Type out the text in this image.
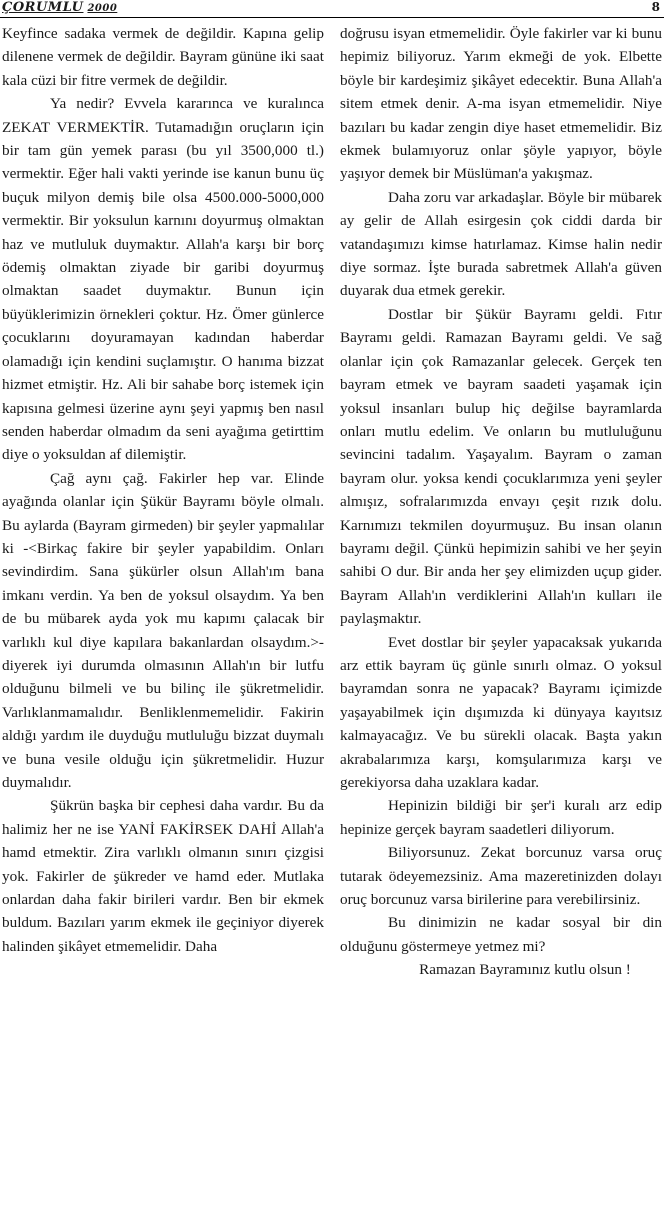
ÇORUMLU 2000	8

Keyfince sadaka vermek de değildir. Kapına gelip dilenene vermek de değildir. Bayram gününe iki saat kala cüzi bir fitre vermek de değildir.

Ya nedir? Evvela kararınca ve kuralınca ZEKAT VERMEKTİR. Tutamadığın oruçların için bir tam gün yemek parası (bu yıl 3500,000 tl.) vermektir. Eğer hali vakti yerinde ise kanun bunu üç buçuk milyon demiş bile olsa 4500.000-5000,000 vermektir. Bir yoksulun karnını doyurmuş olmaktan haz ve mutluluk duymaktır. Allah'a karşı bir borç ödemiş olmaktan ziyade bir garibi doyurmuş olmaktan saadet duymaktır. Bunun için büyüklerimizin örnekleri çoktur. Hz. Ömer günlerce çocuklarını doyuramayan kadından haberdar olamadığı için kendini suçlamıştır. O hanıma bizzat hizmet etmiştir. Hz. Ali bir sahabe borç istemek için kapısına gelmesi üzerine aynı şeyi yapmış ben nasıl senden haberdar olmadım da seni ayağıma getirttim diye o yoksuldan af dilemiştir.

Çağ aynı çağ. Fakirler hep var. Elinde ayağında olanlar için Şükür Bayramı böyle olmalı. Bu aylarda (Bayram girmeden) bir şeyler yapmalılar ki -<Birkaç fakire bir şeyler yapabildim. Onları sevindirdim. Sana şükürler olsun Allah'ım bana imkanı verdin. Ya ben de yoksul olsaydım. Ya ben de bu mübarek ayda yok mu kapımı çalacak bir varlıklı kul diye kapılara bakanlardan olsaydım.>- diyerek iyi durumda olmasının Allah'ın bir lutfu olduğunu bilmeli ve bu bilinç ile şükretmelidir. Varlıklanmamalıdır. Benliklenmemelidir. Fakirin aldığı yardım ile duyduğu mutluluğu bizzat duymalı ve buna vesile olduğu için şükretmelidir. Huzur duymalıdır.

Şükrün başka bir cephesi daha vardır. Bu da halimiz her ne ise YANİ FAKİRSEK DAHİ Allah'a hamd etmektir. Zira varlıklı olmanın sınırı çizgisi yok. Fakirler de şükreder ve hamd eder. Mutlaka onlardan daha fakir birileri vardır. Ben bir ekmek buldum. Bazıları yarım ekmek ile geçiniyor diyerek halinden şikâyet etmemelidir. Daha

doğrusu isyan etmemelidir. Öyle fakirler var ki bunu hepimiz biliyoruz. Yarım ekmeği de yok. Elbette böyle bir kardeşimiz şikâyet edecektir. Buna Allah'a sitem etmek denir. A-ma isyan etmemelidir. Niye bazıları bu kadar zengin diye haset etmemelidir. Biz ekmek bulamıyoruz onlar şöyle yapıyor, böyle yaşıyor demek bir Müslüman'a yakışmaz.

Daha zoru var arkadaşlar. Böyle bir mübarek ay gelir de Allah esirgesin çok ciddi darda bir vatandaşımızı kimse hatırlamaz. Kimse halin nedir diye sormaz. İşte burada sabretmek Allah'a güven duyarak dua etmek gerekir.

Dostlar bir Şükür Bayramı geldi. Fıtır Bayramı geldi. Ramazan Bayramı geldi. Ve sağ olanlar için çok Ramazanlar gelecek. Gerçek ten bayram etmek ve bayram saadeti yaşamak için yoksul insanları bulup hiç değilse bayramlarda onları mutlu edelim. Ve onların bu mutluluğunu sevincini tadalım. Yaşayalım. Bayram o zaman bayram olur. yoksa kendi çocuklarımıza yeni şeyler almışız, sofralarımızda envayı çeşit rızık dolu. Karnımızı tekmilen doyurmuşuz. Bu insan olanın bayramı değil. Çünkü hepimizin sahibi ve her şeyin sahibi O dur. Bir anda her şey elimizden uçup gider. Bayram Allah'ın verdiklerini Allah'ın kulları ile paylaşmaktır.

Evet dostlar bir şeyler yapacaksak yukarıda arz ettik bayram üç günle sınırlı olmaz. O yoksul bayramdan sonra ne yapacak? Bayramı içimizde yaşayabilmek için dışımızda ki dünyaya kayıtsız kalmayacağız. Ve bu sürekli olacak. Başta yakın akrabalarımıza karşı, komşularımıza karşı ve gerekiyorsa daha uzaklara kadar.

Hepinizin bildiği bir şer'i kuralı arz edip hepinize gerçek bayram saadetleri diliyorum.

Biliyorsunuz. Zekat borcunuz varsa oruç tutarak ödeyemezsiniz. Ama mazeretinizden dolayı oruç borcunuz varsa birilerine para verebilirsiniz.

Bu dinimizin ne kadar sosyal bir din olduğunu göstermeye yetmez mi?

Ramazan Bayramınız kutlu olsun !
